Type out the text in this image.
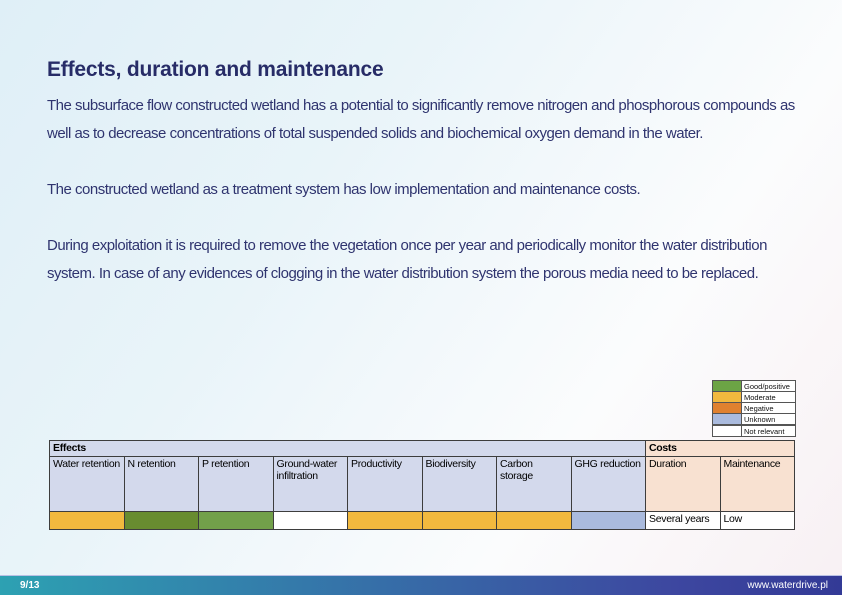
Effects, duration and maintenance

The subsurface flow constructed wetland has a potential to significantly remove nitrogen and phosphorous compounds as well as to decrease concentrations of total suspended solids and biochemical oxygen demand in the water.

The constructed wetland as a treatment system has low implementation and maintenance costs.

During exploitation it is required to remove the vegetation once per year and periodically monitor the water distribution system. In case of any evidences of clogging in the water distribution system the porous media need to be replaced.

	Good/positive
	Moderate
	Negative
	Unknown
	Not relevant
Effects								Costs	
Water retention	N retention	P retention	Ground-water infiltration	Productivity	Biodiversity	Carbon storage	GHG reduction	Duration	Maintenance
								Several years	Low
9/13	www.waterdrive.pl
